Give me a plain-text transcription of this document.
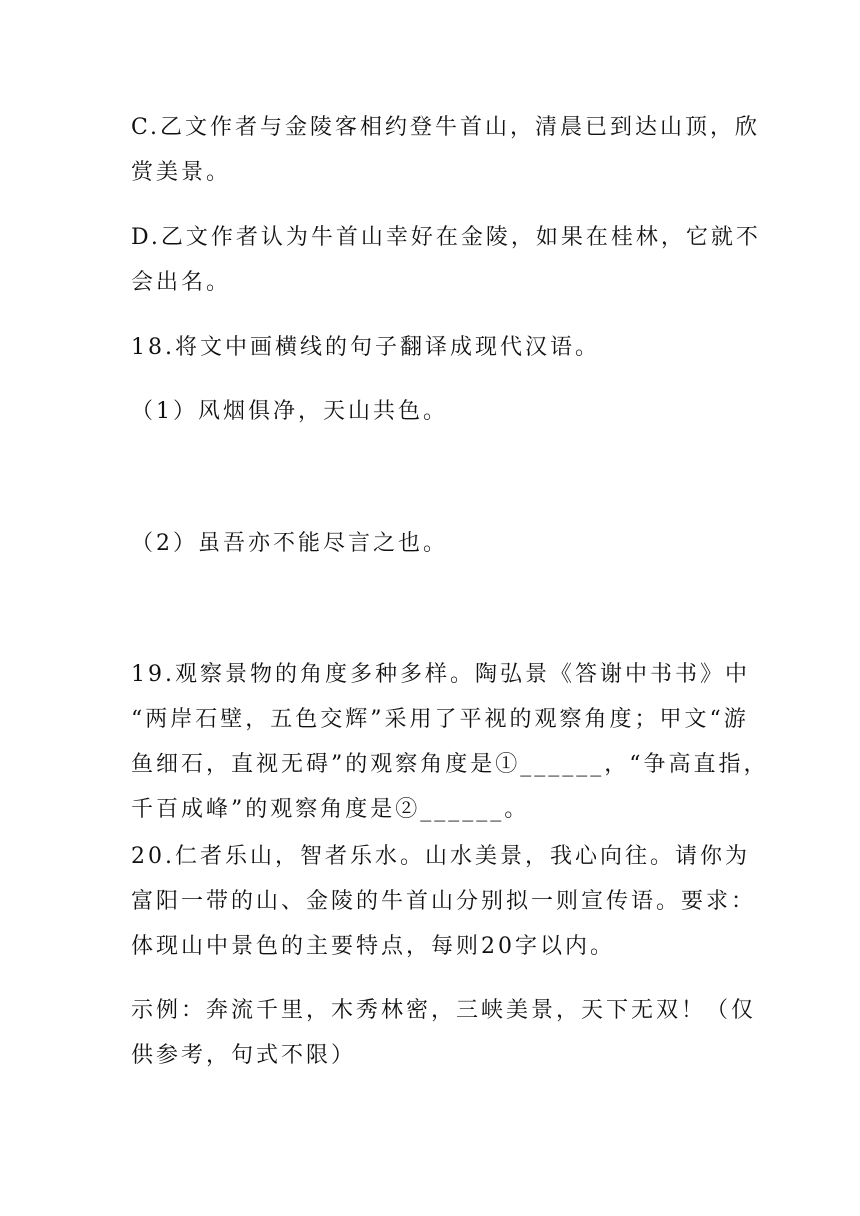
C.乙文作者与金陵客相约登牛首山，清晨已到达山顶，欣
赏美景。
D.乙文作者认为牛首山幸好在金陵，如果在桂林，它就不
会出名。
18.将文中画横线的句子翻译成现代汉语。
（1）风烟俱净，天山共色。
（2）虽吾亦不能尽言之也。
19.观察景物的角度多种多样。陶弘景《答谢中书书》中
“两岸石壁，五色交辉”采用了平视的观察角度；甲文“游
鱼细石，直视无碍”的观察角度是①______，“争高直指，
千百成峰”的观察角度是②______。
20.仁者乐山，智者乐水。山水美景，我心向往。请你为
富阳一带的山、金陵的牛首山分别拟一则宣传语。要求：
体现山中景色的主要特点，每则20字以内。
示例：奔流千里，木秀林密，三峡美景，天下无双！（仅
供参考，句式不限）
